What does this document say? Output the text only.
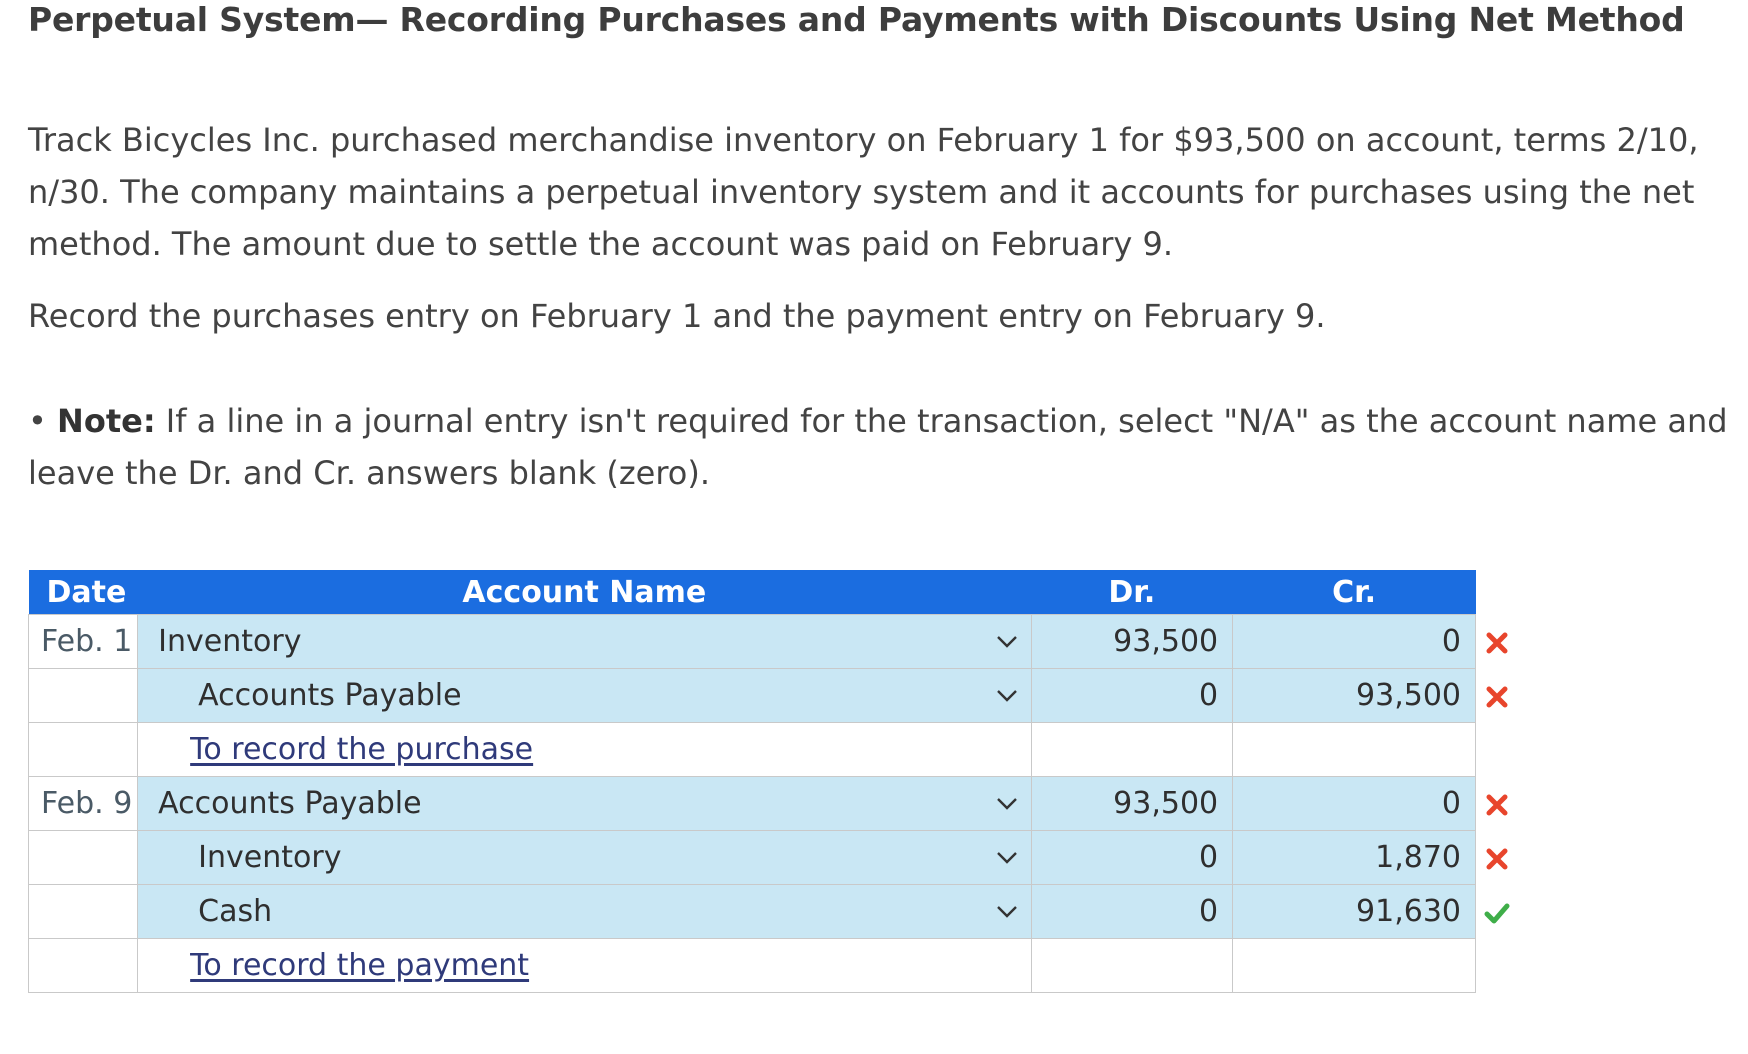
Perpetual System— Recording Purchases and Payments with Discounts Using Net Method
Track Bicycles Inc. purchased merchandise inventory on February 1 for $93,500 on account, terms 2/10, n/30. The company maintains a perpetual inventory system and it accounts for purchases using the net method. The amount due to settle the account was paid on February 9.
Record the purchases entry on February 1 and the payment entry on February 9.
• Note: If a line in a journal entry isn't required for the transaction, select "N/A" as the account name and leave the Dr. and Cr. answers blank (zero).
Date	Account Name	Dr.	Cr.
Feb. 1	Inventory	93,500	0

	Accounts Payable	0	93,500

	To record the purchase		
Feb. 9	Accounts Payable	93,500	0

	Inventory	0	1,870

	Cash	0	91,630

	To record the payment		
